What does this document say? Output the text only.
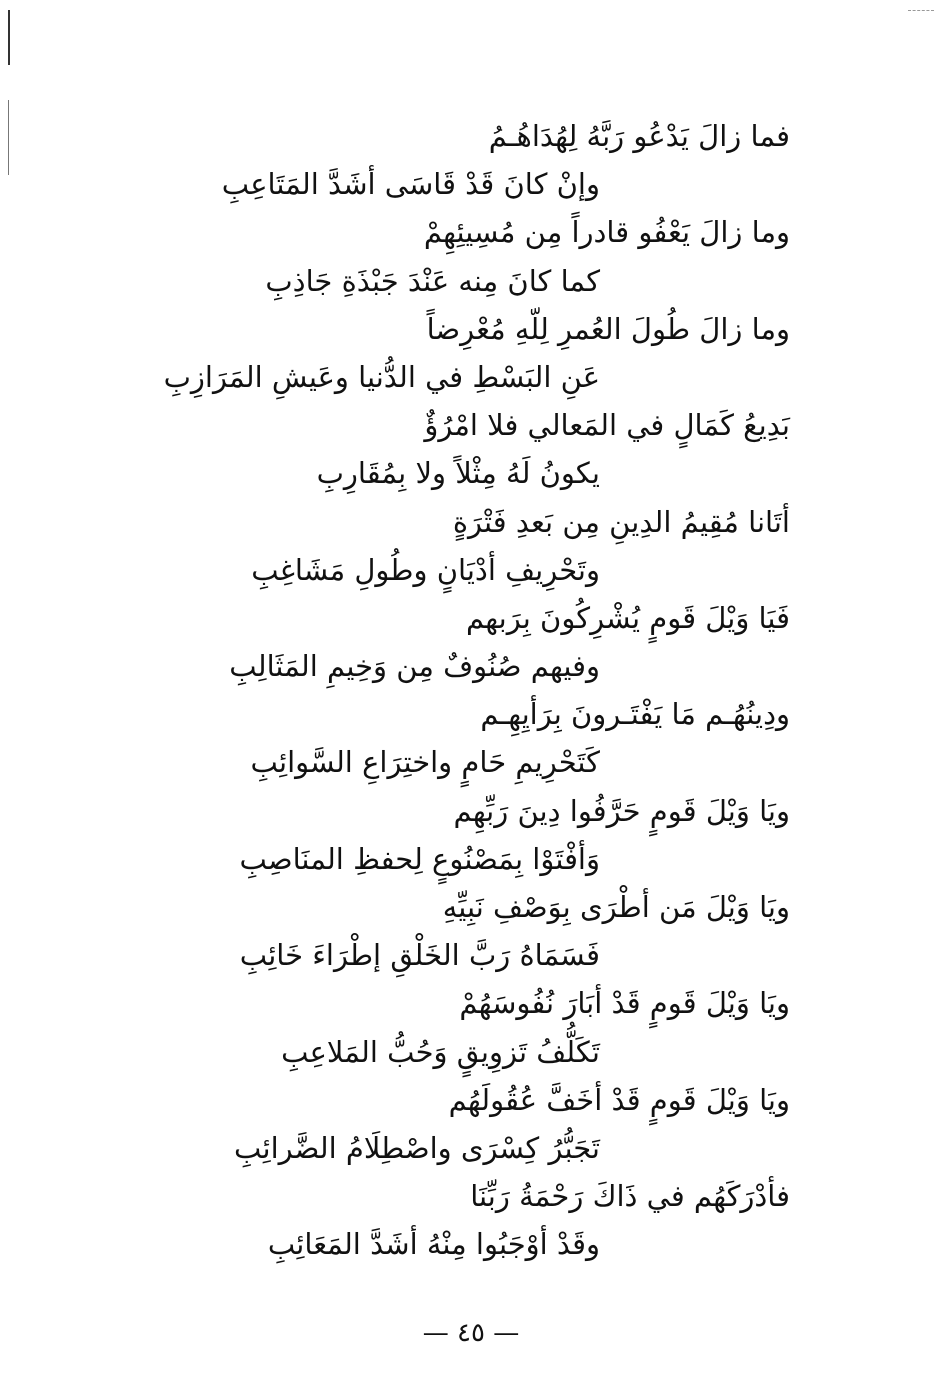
فما زالَ يَدْعُو رَبَّهُ لِهُدَاهُـمُ
وإنْ كانَ قَدْ قَاسَى أشَدَّ المَتَاعِبِ
وما زالَ يَعْفُو قادراً مِن مُسِيئِهِمْ
كما كانَ مِنه عَنْدَ جَبْذَةِ جَاذِبِ
وما زالَ طُولَ العُمرِ لِلّهِ مُعْرِضاً
عَنِ البَسْطِ في الدُّنيا وعَيشِ المَرَازِبِ
بَدِيعُ كَمَالٍ في المَعالي فلا امْرُؤٌ
يكونُ لَهُ مِثْلاً ولا بِمُقَارِبِ
أتَانا مُقِيمُ الدِينِ مِن بَعدِ فَتْرَةٍ
وتَحْرِيفِ أدْيَانٍ وطُولِ مَشَاغِبِ
فَيَا وَيْلَ قَومٍ يُشْرِكُونَ بِرَبهم
وفيهم صُنُوفٌ مِن وَخِيمِ المَثَالِبِ
ودِينُهُـم مَا يَفْتَـرونَ بِرَأيِهِـم
كَتَحْرِيمِ حَامٍ واختِرَاعِ السَّوائِبِ
ويَا وَيْلَ قَومٍ حَرَّفُوا دِينَ رَبِّهِم
وَأفْتَوْا بِمَصْنُوعٍ لِحفظِ المنَاصِبِ
ويَا وَيْلَ مَن أطْرَى بِوَصْفِ نَبِيِّهِ
فَسَمَاهُ رَبَّ الخَلْقِ إطْرَاءَ خَائِبِ
ويَا وَيْلَ قَومٍ قَدْ أبَارَ نُفُوسَهُمْ
تَكَلُّفُ تَزوِيقٍ وَحُبُّ المَلاعِبِ
ويَا وَيْلَ قَومٍ قَدْ أخَفَّ عُقُولَهُم
تَجَبُّرُ كِسْرَى واصْطِلَامُ الضَّرائِبِ
فأدْرَكَهُم في ذَاكَ رَحْمَةُ رَبِّنَا
وقَدْ أوْجَبُوا مِنْهُ أشَدَّ المَعَائِبِ
— ٤٥ —
